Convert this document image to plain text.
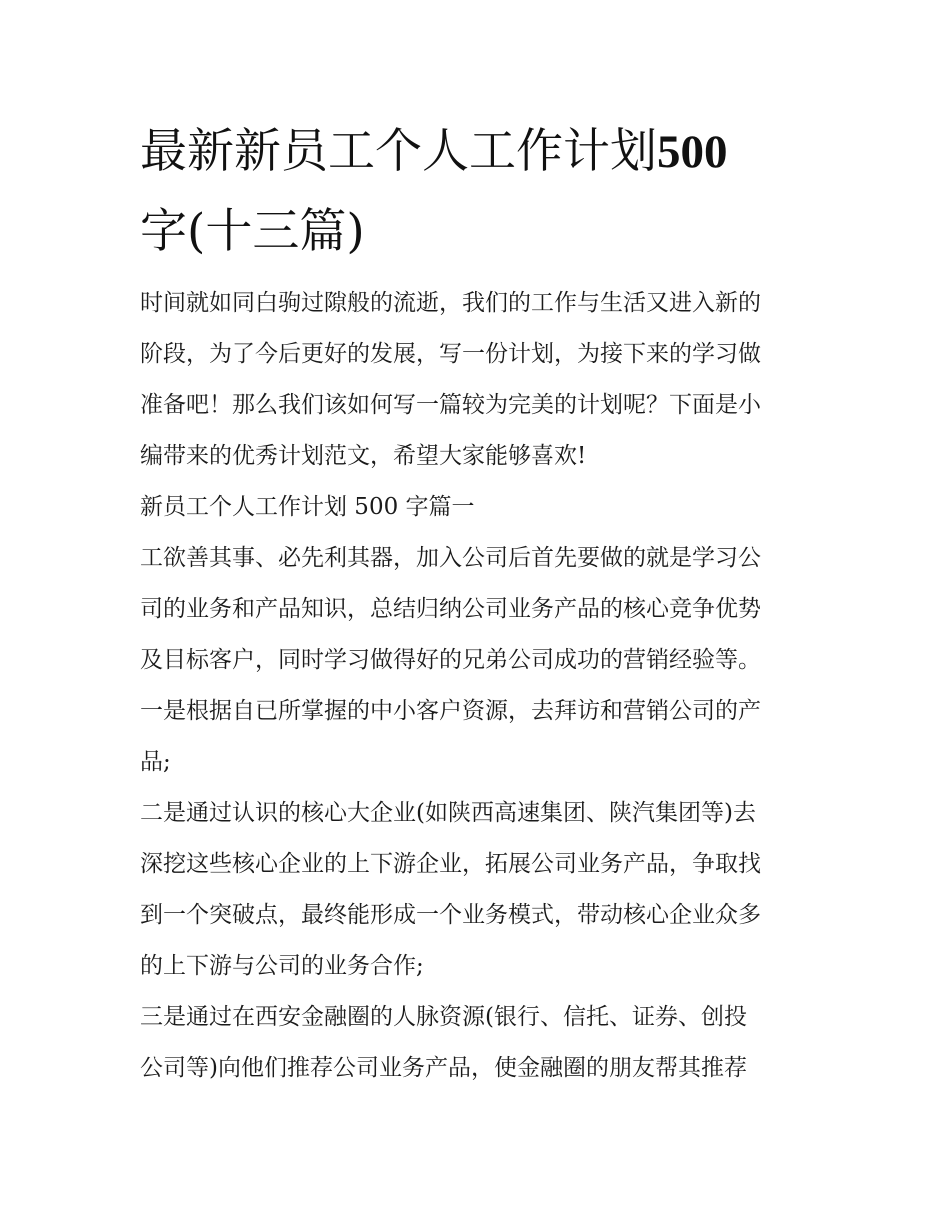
最新新员工个人工作计划500
字(十三篇)

时间就如同白驹过隙般的流逝，我们的工作与生活又进入新的
阶段，为了今后更好的发展，写一份计划，为接下来的学习做
准备吧！那么我们该如何写一篇较为完美的计划呢？下面是小
编带来的优秀计划范文，希望大家能够喜欢!

新员工个人工作计划 500 字篇一

工欲善其事、必先利其器，加入公司后首先要做的就是学习公
司的业务和产品知识，总结归纳公司业务产品的核心竞争优势
及目标客户，同时学习做得好的兄弟公司成功的营销经验等。

一是根据自已所掌握的中小客户资源，去拜访和营销公司的产
品;

二是通过认识的核心大企业(如陕西高速集团、陕汽集团等)去
深挖这些核心企业的上下游企业，拓展公司业务产品，争取找
到一个突破点，最终能形成一个业务模式，带动核心企业众多
的上下游与公司的业务合作;

三是通过在西安金融圈的人脉资源(银行、信托、证券、创投
公司等)向他们推荐公司业务产品，使金融圈的朋友帮其推荐
